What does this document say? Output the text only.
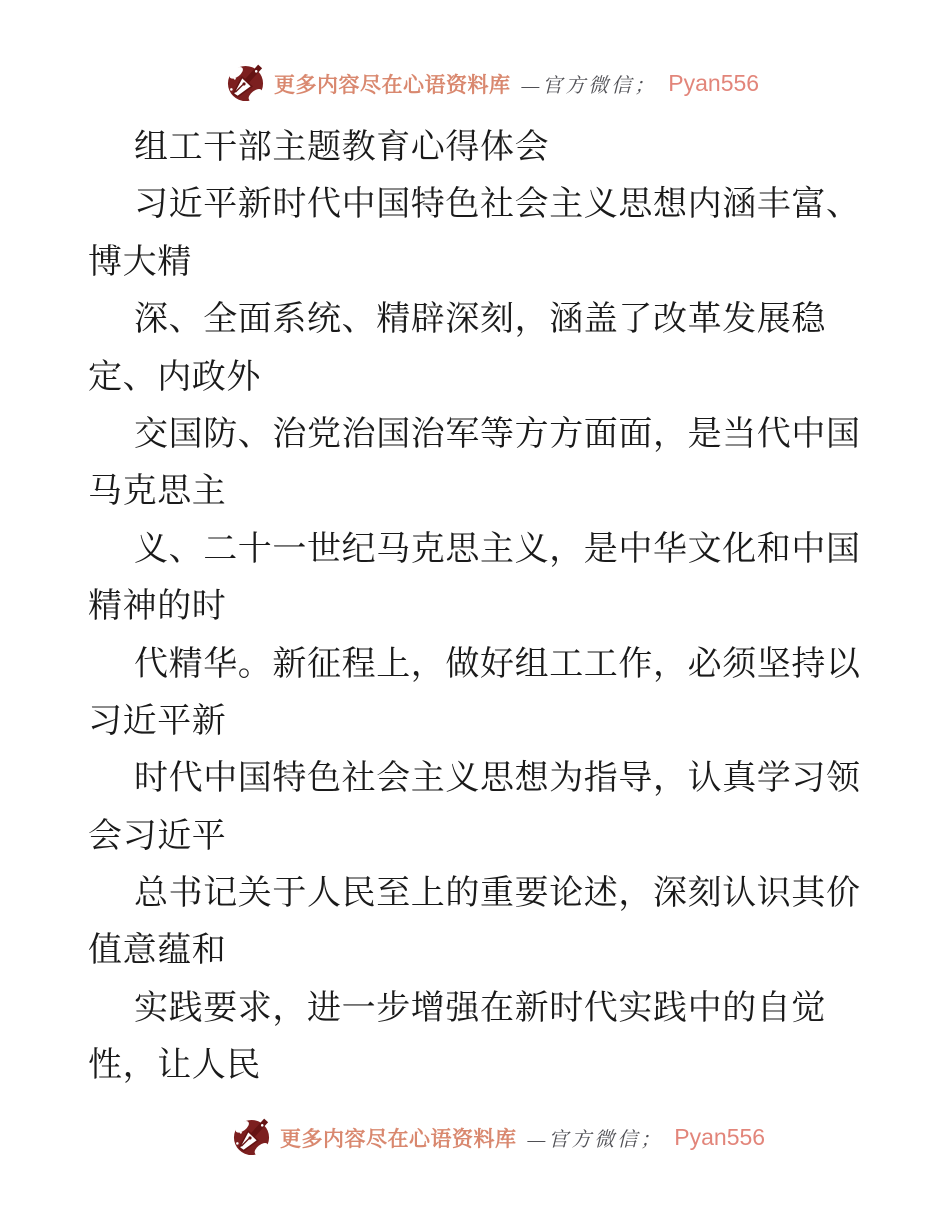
更多内容尽在心语资料库 —官方微信； Pyan556
组工干部主题教育心得体会
习近平新时代中国特色社会主义思想内涵丰富、
博大精
深、全面系统、精辟深刻，涵盖了改革发展稳
定、内政外
交国防、治党治国治军等方方面面，是当代中国
马克思主
义、二十一世纪马克思主义，是中华文化和中国
精神的时
代精华。新征程上，做好组工工作，必须坚持以
习近平新
时代中国特色社会主义思想为指导，认真学习领
会习近平
总书记关于人民至上的重要论述，深刻认识其价
值意蕴和
实践要求，进一步增强在新时代实践中的自觉
性，让人民
更多内容尽在心语资料库 —官方微信； Pyan556
